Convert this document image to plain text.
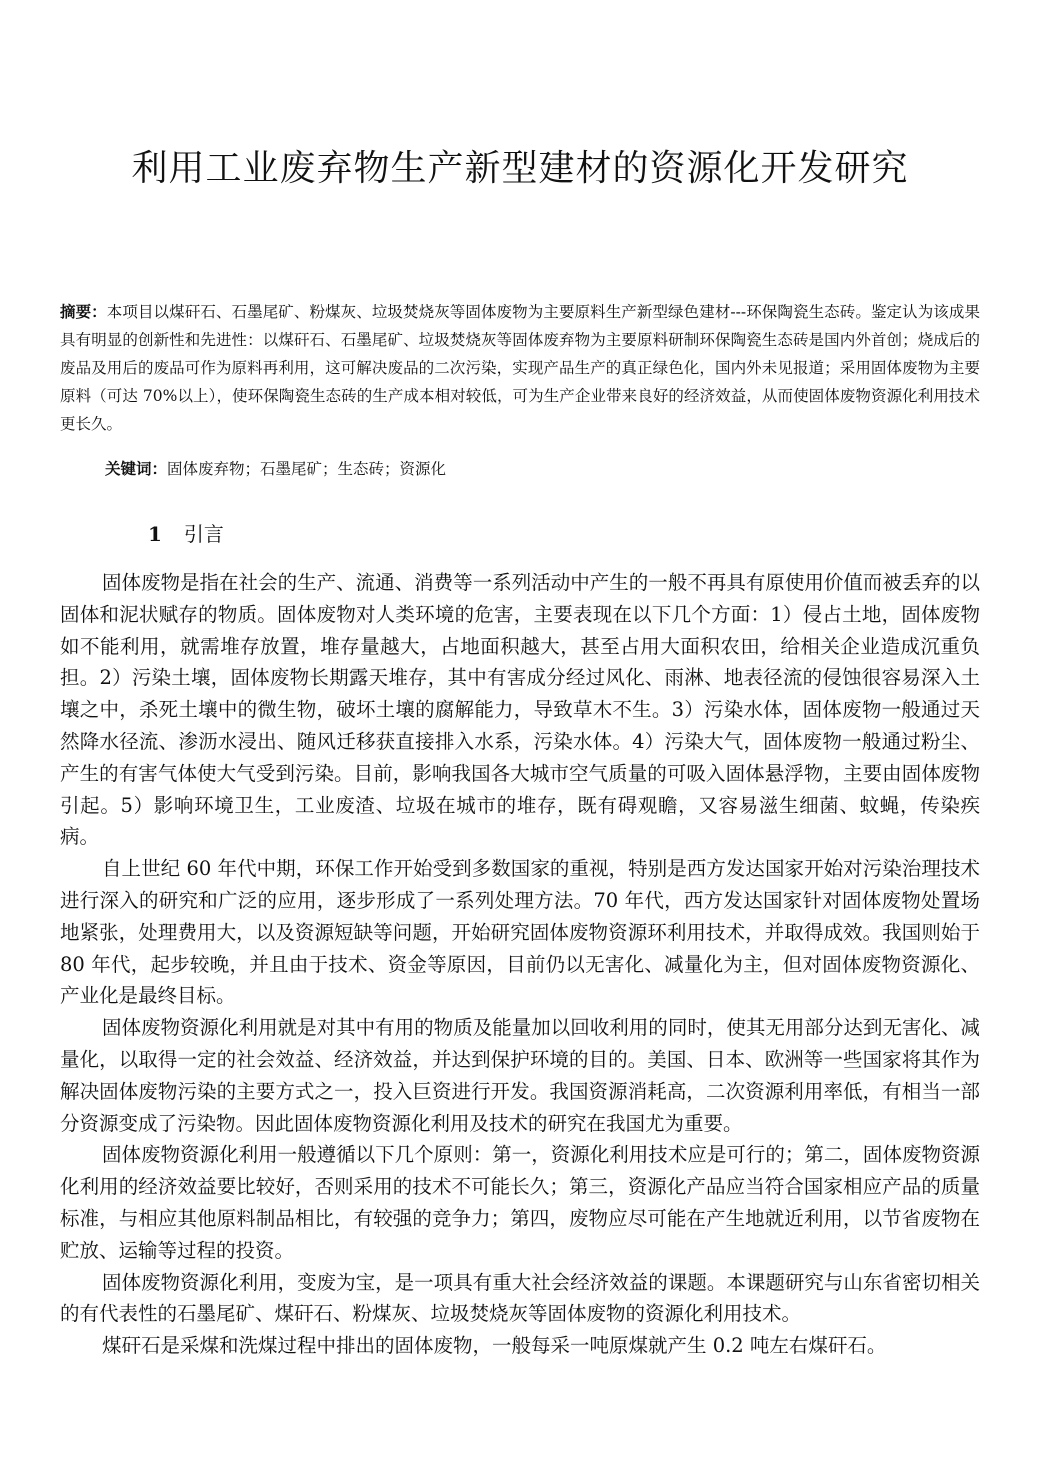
利用工业废弃物生产新型建材的资源化开发研究

摘要：本项目以煤矸石、石墨尾矿、粉煤灰、垃圾焚烧灰等固体废物为主要原料生产新型绿色建材---环保陶瓷生态砖。鉴定认为该成果具有明显的创新性和先进性：以煤矸石、石墨尾矿、垃圾焚烧灰等固体废弃物为主要原料研制环保陶瓷生态砖是国内外首创；烧成后的废品及用后的废品可作为原料再利用，这可解决废品的二次污染，实现产品生产的真正绿色化，国内外未见报道；采用固体废物为主要原料（可达 70%以上），使环保陶瓷生态砖的生产成本相对较低，可为生产企业带来良好的经济效益，从而使固体废物资源化利用技术更长久。

关键词：固体废弃物；石墨尾矿；生态砖；资源化

1 引言

固体废物是指在社会的生产、流通、消费等一系列活动中产生的一般不再具有原使用价值而被丢弃的以固体和泥状赋存的物质。固体废物对人类环境的危害，主要表现在以下几个方面：1）侵占土地，固体废物如不能利用，就需堆存放置，堆存量越大，占地面积越大，甚至占用大面积农田，给相关企业造成沉重负担。2）污染土壤，固体废物长期露天堆存，其中有害成分经过风化、雨淋、地表径流的侵蚀很容易深入土壤之中，杀死土壤中的微生物，破坏土壤的腐解能力，导致草木不生。3）污染水体，固体废物一般通过天然降水径流、渗沥水浸出、随风迁移获直接排入水系，污染水体。4）污染大气，固体废物一般通过粉尘、产生的有害气体使大气受到污染。目前，影响我国各大城市空气质量的可吸入固体悬浮物，主要由固体废物引起。5）影响环境卫生，工业废渣、垃圾在城市的堆存，既有碍观瞻，又容易滋生细菌、蚊蝇，传染疾病。

自上世纪 60 年代中期，环保工作开始受到多数国家的重视，特别是西方发达国家开始对污染治理技术进行深入的研究和广泛的应用，逐步形成了一系列处理方法。70 年代，西方发达国家针对固体废物处置场地紧张，处理费用大，以及资源短缺等问题，开始研究固体废物资源环利用技术，并取得成效。我国则始于 80 年代，起步较晚，并且由于技术、资金等原因，目前仍以无害化、减量化为主，但对固体废物资源化、产业化是最终目标。

固体废物资源化利用就是对其中有用的物质及能量加以回收利用的同时，使其无用部分达到无害化、减量化，以取得一定的社会效益、经济效益，并达到保护环境的目的。美国、日本、欧洲等一些国家将其作为解决固体废物污染的主要方式之一，投入巨资进行开发。我国资源消耗高，二次资源利用率低，有相当一部分资源变成了污染物。因此固体废物资源化利用及技术的研究在我国尤为重要。

固体废物资源化利用一般遵循以下几个原则：第一，资源化利用技术应是可行的；第二，固体废物资源化利用的经济效益要比较好，否则采用的技术不可能长久；第三，资源化产品应当符合国家相应产品的质量标准，与相应其他原料制品相比，有较强的竞争力；第四，废物应尽可能在产生地就近利用，以节省废物在贮放、运输等过程的投资。

固体废物资源化利用，变废为宝，是一项具有重大社会经济效益的课题。本课题研究与山东省密切相关的有代表性的石墨尾矿、煤矸石、粉煤灰、垃圾焚烧灰等固体废物的资源化利用技术。

煤矸石是采煤和洗煤过程中排出的固体废物，一般每采一吨原煤就产生 0.2 吨左右煤矸石。
